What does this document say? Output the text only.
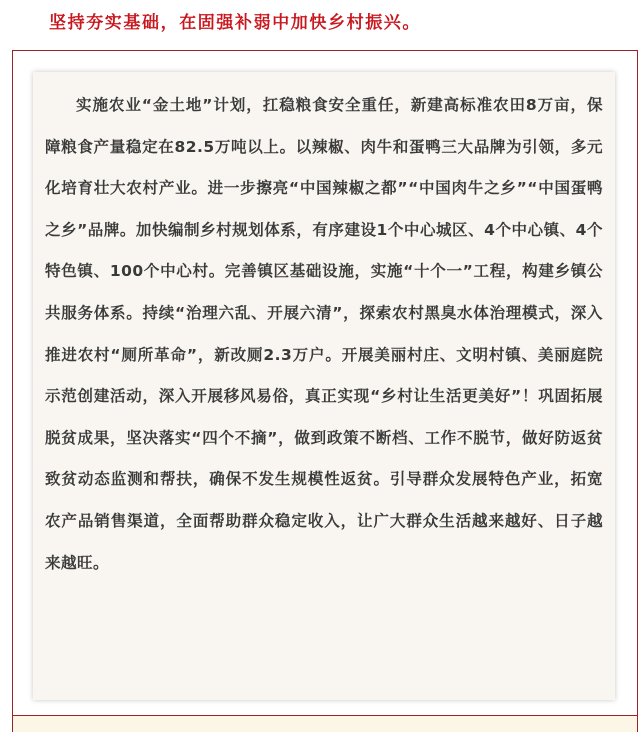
坚持夯实基础，在固强补弱中加快乡村振兴。

实施农业“金土地”计划，扛稳粮食安全重任，新建高标准农田8万亩，保障粮食产量稳定在82.5万吨以上。以辣椒、肉牛和蛋鸭三大品牌为引领，多元化培育壮大农村产业。进一步擦亮“中国辣椒之都”“中国肉牛之乡”“中国蛋鸭之乡”品牌。加快编制乡村规划体系，有序建设1个中心城区、4个中心镇、4个特色镇、100个中心村。完善镇区基础设施，实施“十个一”工程，构建乡镇公共服务体系。持续“治理六乱、开展六清”，探索农村黑臭水体治理模式，深入推进农村“厕所革命”，新改厕2.3万户。开展美丽村庄、文明村镇、美丽庭院示范创建活动，深入开展移风易俗，真正实现“乡村让生活更美好”！巩固拓展脱贫成果，坚决落实“四个不摘”，做到政策不断档、工作不脱节，做好防返贫致贫动态监测和帮扶，确保不发生规模性返贫。引导群众发展特色产业，拓宽农产品销售渠道，全面帮助群众稳定收入，让广大群众生活越来越好、日子越来越旺。
